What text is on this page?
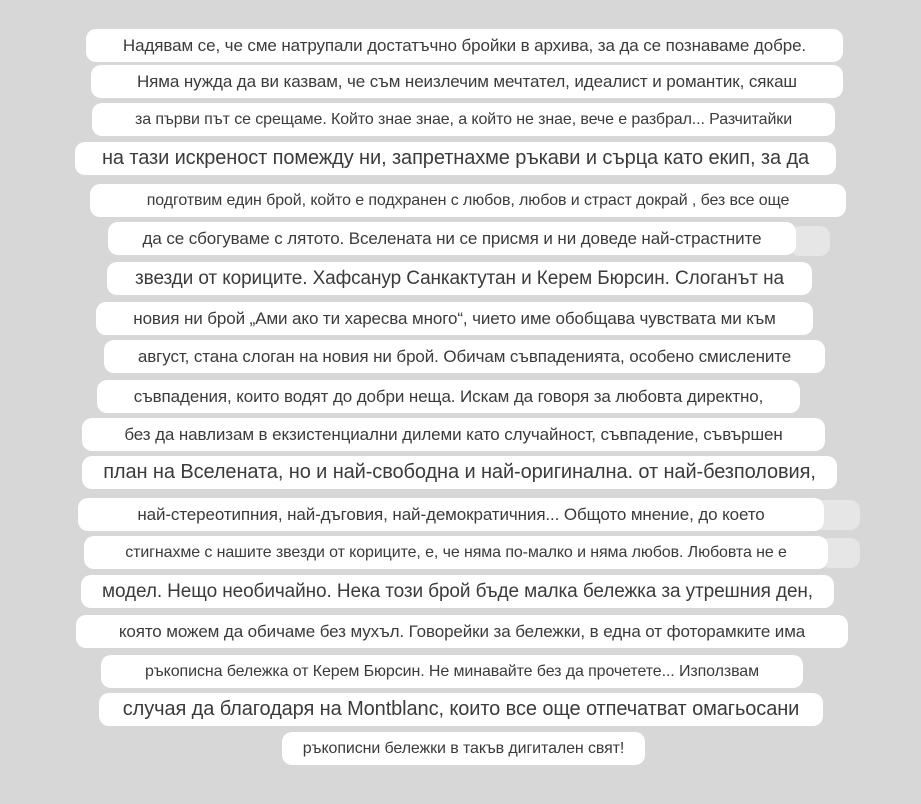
Надявам се, че сме натрупали достатъчно бройки в архива, за да се познаваме добре.
Няма нужда да ви казвам, че съм неизлечим мечтател, идеалист и романтик, сякаш
за първи път се срещаме. Който знае знае, а който не знае, вече е разбрал... Разчитайки
на тази искреност помежду ни, запретнахме ръкави и сърца като екип, за да
подготвим един брой, който е подхранен с любов, любов и страст докрай , без все още
да се сбогуваме с лятото. Вселената ни се присмя и ни доведе най-страстните
звезди от кориците. Хафсанур Санкактутан и Керем Бюрсин. Слоганът на
новия ни брой „Ами ако ти харесва много“, чието име обобщава чувствата ми към
август, стана слоган на новия ни брой. Обичам съвпаденията, особено смислените
съвпадения, които водят до добри неща. Искам да говоря за любовта директно,
без да навлизам в екзистенциални дилеми като случайност, съвпадение, съвършен
план на Вселената, но и най-свободна и най-оригинална. от най-безполовия,
най-стереотипния, най-дъговия, най-демократичния... Общото мнение, до което
стигнахме с нашите звезди от кориците, е, че няма по-малко и няма любов. Любовта не е
модел. Нещо необичайно. Нека този брой бъде малка бележка за утрешния ден,
която можем да обичаме без мухъл. Говорейки за бележки, в една от фоторамките има
ръкописна бележка от Керем Бюрсин. Не минавайте без да прочетете... Използвам
случая да благодаря на Montblanc, които все още отпечатват омагьосани
ръкописни бележки в такъв дигитален свят!
